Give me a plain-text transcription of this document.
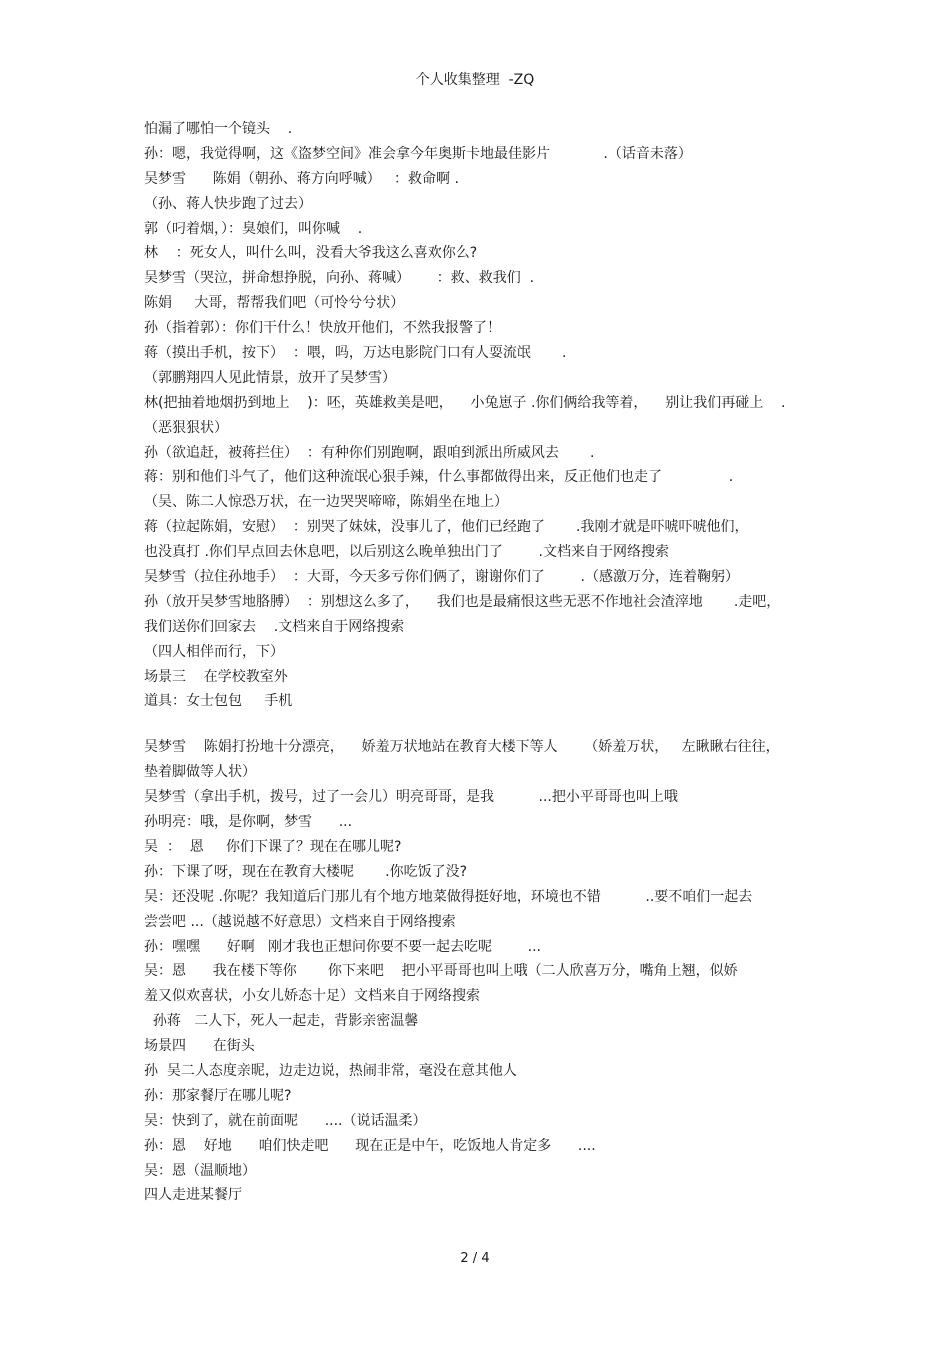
个人收集整理  -ZQ
怕漏了哪怕一个镜头    .
孙：嗯，我觉得啊，这《盗梦空间》准会拿今年奥斯卡地最佳影片            .（话音未落）
吴梦雪      陈娟（朝孙、蒋方向呼喊）   ：救命啊 .
（孙、蒋人快步跑了过去）
郭（叼着烟，）：臭娘们，叫你喊    .
林    ：死女人，叫什么叫，没看大爷我这么喜欢你么?
吴梦雪（哭泣，拼命想挣脱，向孙、蒋喊）      ：救、救我们  .
陈娟     大哥，帮帮我们吧（可怜兮兮状）
孙（指着郭）：你们干什么！快放开他们，不然我报警了！
蒋（摸出手机，按下）  ：喂，吗，万达电影院门口有人耍流氓       .
（郭鹏翔四人见此情景，放开了吴梦雪）
林(把抽着地烟扔到地上    )：呸，英雄救美是吧，    小兔崽子 .你们俩给我等着，    别让我们再碰上    .
（恶狠狠状）
孙（欲追赶，被蒋拦住）  ：有种你们别跑啊，跟咱到派出所威风去       .
蒋：别和他们斗气了，他们这种流氓心狠手辣，什么事都做得出来，反正他们也走了               .
（吴、陈二人惊恐万状，在一边哭哭啼啼，陈娟坐在地上）
蒋（拉起陈娟，安慰）  ：别哭了妹妹，没事儿了，他们已经跑了       .我刚才就是吓唬吓唬他们，
也没真打 .你们早点回去休息吧，以后别这么晚单独出门了        .文档来自于网络搜索
吴梦雪（拉住孙地手）  ：大哥，今天多亏你们俩了，谢谢你们了        .（感激万分，连着鞠躬）
孙（放开吴梦雪地胳膊）  ：别想这么多了，    我们也是最痛恨这些无恶不作地社会渣滓地       .走吧，
我们送你们回家去    .文档来自于网络搜索
（四人相伴而行，下）
场景三    在学校教室外
道具：女士包包     手机
吴梦雪    陈娟打扮地十分漂亮，    娇羞万状地站在教育大楼下等人      （娇羞万状，   左瞅瞅右往往，
垫着脚做等人状）
吴梦雪（拿出手机，拨号，过了一会儿）明亮哥哥，是我          ...把小平哥哥也叫上哦
孙明亮：哦，是你啊，梦雪      ...
吴  ：  恩     你们下课了？现在在哪儿呢?
孙：下课了呀，现在在教育大楼呢       .你吃饭了没?
吴：还没呢 .你呢？我知道后门那儿有个地方地菜做得挺好地，环境也不错          ..要不咱们一起去
尝尝吧 ...（越说越不好意思）文档来自于网络搜索
孙：嘿嘿      好啊   刚才我也正想问你要不要一起去吃呢        ...
吴：恩      我在楼下等你       你下来吧    把小平哥哥也叫上哦（二人欣喜万分，嘴角上翘，似娇
羞又似欢喜状，小女儿娇态十足）文档来自于网络搜索
孙蒋   二人下，死人一起走，背影亲密温馨
场景四      在街头
孙  吴二人态度亲昵，边走边说，热闹非常，毫没在意其他人
孙：那家餐厅在哪儿呢?
吴：快到了，就在前面呢      ....（说话温柔）
孙：恩    好地      咱们快走吧      现在正是中午，吃饭地人肯定多      ....
吴：恩（温顺地）
四人走进某餐厅
2 / 4
